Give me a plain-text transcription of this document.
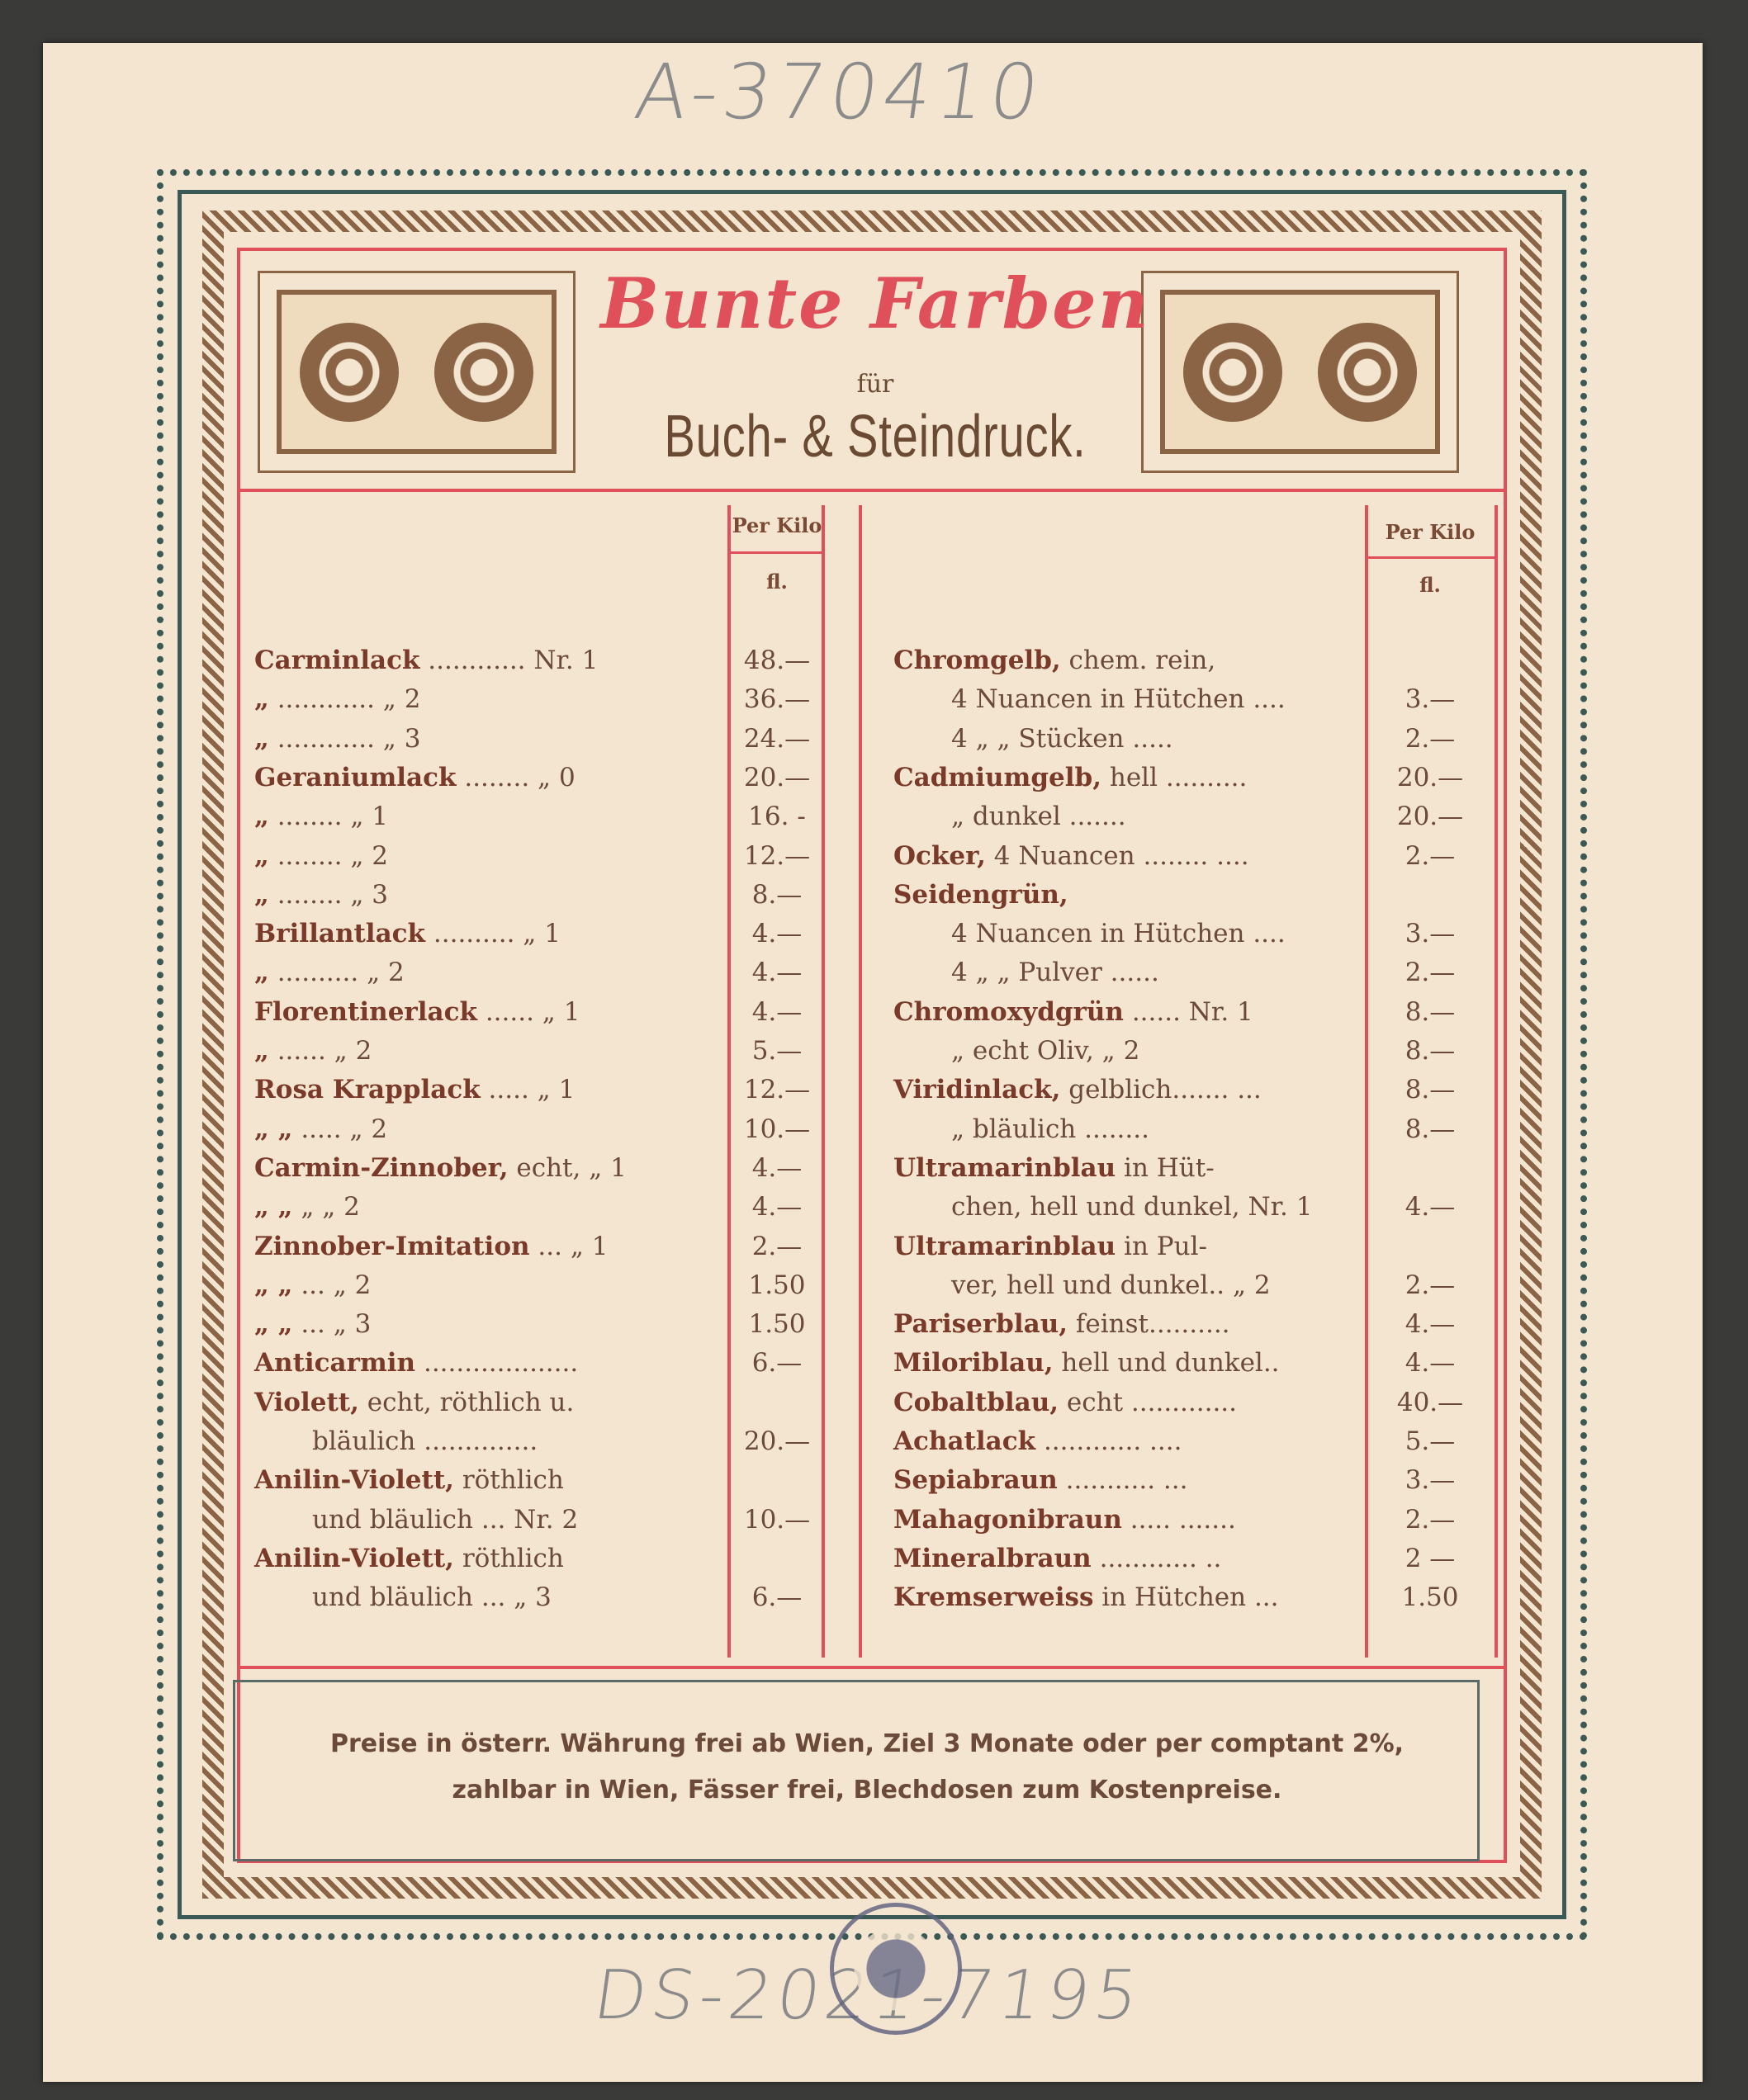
A-370410
Bunte Farben
für
Buch- & Steindruck.
Per Kilo
fl.
Per Kilo
fl.
Carminlack ............ Nr. 1	48.—
„ ............ „ 2	36.—
„ ............ „ 3	24.—
Geraniumlack ........ „ 0	20.—
„ ........ „ 1	16. -
„ ........ „ 2	12.—
„ ........ „ 3	8.—
Brillantlack .......... „ 1	4.—
„ .......... „ 2	4.—
Florentinerlack ...... „ 1	4.—
„ ...... „ 2	5.—
Rosa Krapplack ..... „ 1	12.—
„ „ ..... „ 2	10.—
Carmin-Zinnober, echt, „ 1	4.—
„ „ „ „ 2	4.—
Zinnober-Imitation ... „ 1	2.—
„ „ ... „ 2	1.50
„ „ ... „ 3	1.50
Anticarmin ...................	6.—
Violett, echt, röthlich u.
bläulich ..............	20.—
Anilin-Violett, röthlich
und bläulich ... Nr. 2	10.—
Anilin-Violett, röthlich
und bläulich ... „ 3	6.—
Chromgelb, chem. rein,
4 Nuancen in Hütchen ....	3.—
4 „ „ Stücken .....	2.—
Cadmiumgelb, hell ..........	20.—
„ dunkel .......	20.—
Ocker, 4 Nuancen ........ ....	2.—
Seidengrün,
4 Nuancen in Hütchen ....	3.—
4 „ „ Pulver ......	2.—
Chromoxydgrün ...... Nr. 1	8.—
„ echt Oliv, „ 2	8.—
Viridinlack, gelblich....... ...	8.—
„ bläulich ........	8.—
Ultramarinblau in Hüt-
chen, hell und dunkel, Nr. 1	4.—
Ultramarinblau in Pul-
ver, hell und dunkel.. „ 2	2.—
Pariserblau, feinst..........	4.—
Miloriblau, hell und dunkel..	4.—
Cobaltblau, echt .............	40.—
Achatlack ............ ....	5.—
Sepiabraun ........... ...	3.—
Mahagonibraun ..... .......	2.—
Mineralbraun ............ ..	2 —
Kremserweiss in Hütchen ...	1.50
Preise in österr. Währung frei ab Wien, Ziel 3 Monate oder per comptant 2%,
zahlbar in Wien, Fässer frei, Blechdosen zum Kostenpreise.
